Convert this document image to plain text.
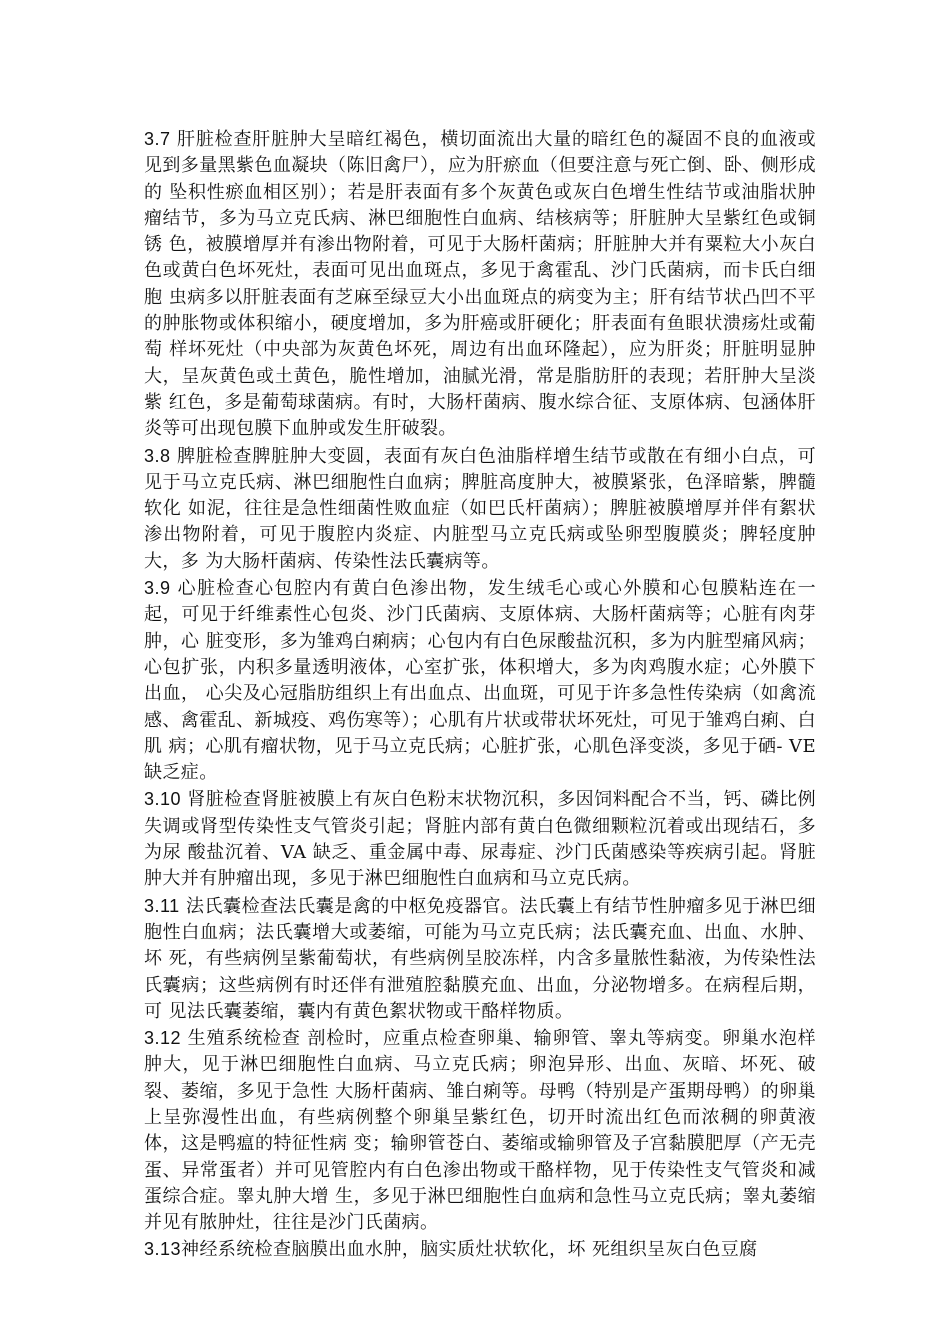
3.7 肝脏检查肝脏肿大呈暗红褐色，横切面流出大量的暗红色的凝固不良的血液或见到多量黑紫色血凝块（陈旧禽尸），应为肝瘀血（但要注意与死亡倒、卧、侧形成的 坠积性瘀血相区别）；若是肝表面有多个灰黄色或灰白色增生性结节或油脂状肿瘤结节，多为马立克氏病、淋巴细胞性白血病、结核病等；肝脏肿大呈紫红色或铜锈 色，被膜增厚并有渗出物附着，可见于大肠杆菌病；肝脏肿大并有粟粒大小灰白色或黄白色坏死灶，表面可见出血斑点，多见于禽霍乱、沙门氏菌病，而卡氏白细胞 虫病多以肝脏表面有芝麻至绿豆大小出血斑点的病变为主；肝有结节状凸凹不平的肿胀物或体积缩小，硬度增加，多为肝癌或肝硬化；肝表面有鱼眼状溃疡灶或葡萄 样坏死灶（中央部为灰黄色坏死，周边有出血环隆起），应为肝炎；肝脏明显肿大，呈灰黄色或土黄色，脆性增加，油腻光滑，常是脂肪肝的表现；若肝肿大呈淡紫 红色，多是葡萄球菌病。有时，大肠杆菌病、腹水综合征、支原体病、包涵体肝炎等可出现包膜下血肿或发生肝破裂。

3.8 脾脏检查脾脏肿大变圆，表面有灰白色油脂样增生结节或散在有细小白点，可见于马立克氏病、淋巴细胞性白血病；脾脏高度肿大，被膜紧张，色泽暗紫，脾髓软化 如泥，往往是急性细菌性败血症（如巴氏杆菌病）；脾脏被膜增厚并伴有絮状渗出物附着，可见于腹腔内炎症、内脏型马立克氏病或坠卵型腹膜炎；脾轻度肿大，多 为大肠杆菌病、传染性法氏囊病等。

3.9 心脏检查心包腔内有黄白色渗出物，发生绒毛心或心外膜和心包膜粘连在一起，可见于纤维素性心包炎、沙门氏菌病、支原体病、大肠杆菌病等；心脏有肉芽肿，心 脏变形，多为雏鸡白痢病；心包内有白色尿酸盐沉积，多为内脏型痛风病；心包扩张，内积多量透明液体，心室扩张，体积增大，多为肉鸡腹水症；心外膜下出血， 心尖及心冠脂肪组织上有出血点、出血斑，可见于许多急性传染病（如禽流感、禽霍乱、新城疫、鸡伤寒等）；心肌有片状或带状坏死灶，可见于雏鸡白痢、白肌 病；心肌有瘤状物，见于马立克氏病；心脏扩张，心肌色泽变淡，多见于硒- VE 缺乏症。

3.10 肾脏检查肾脏被膜上有灰白色粉末状物沉积，多因饲料配合不当，钙、磷比例失调或肾型传染性支气管炎引起；肾脏内部有黄白色微细颗粒沉着或出现结石，多为尿 酸盐沉着、VA 缺乏、重金属中毒、尿毒症、沙门氏菌感染等疾病引起。肾脏肿大并有肿瘤出现，多见于淋巴细胞性白血病和马立克氏病。

3.11 法氏囊检查法氏囊是禽的中枢免疫器官。法氏囊上有结节性肿瘤多见于淋巴细胞性白血病；法氏囊增大或萎缩，可能为马立克氏病；法氏囊充血、出血、水肿、坏 死，有些病例呈紫葡萄状，有些病例呈胶冻样，内含多量脓性黏液，为传染性法氏囊病；这些病例有时还伴有泄殖腔黏膜充血、出血，分泌物增多。在病程后期，可 见法氏囊萎缩，囊内有黄色絮状物或干酪样物质。

3.12 生殖系统检查 剖检时，应重点检查卵巢、输卵管、睾丸等病变。卵巢水泡样肿大，见于淋巴细胞性白血病、马立克氏病；卵泡异形、出血、灰暗、坏死、破裂、萎缩，多见于急性 大肠杆菌病、雏白痢等。母鸭（特别是产蛋期母鸭）的卵巢上呈弥漫性出血，有些病例整个卵巢呈紫红色，切开时流出红色而浓稠的卵黄液体，这是鸭瘟的特征性病 变；输卵管苍白、萎缩或输卵管及子宫黏膜肥厚（产无壳蛋、异常蛋者）并可见管腔内有白色渗出物或干酪样物，见于传染性支气管炎和减蛋综合症。睾丸肿大增 生，多见于淋巴细胞性白血病和急性马立克氏病；睾丸萎缩并见有脓肿灶，往往是沙门氏菌病。

3.13神经系统检查脑膜出血水肿，脑实质灶状软化，坏 死组织呈灰白色豆腐
